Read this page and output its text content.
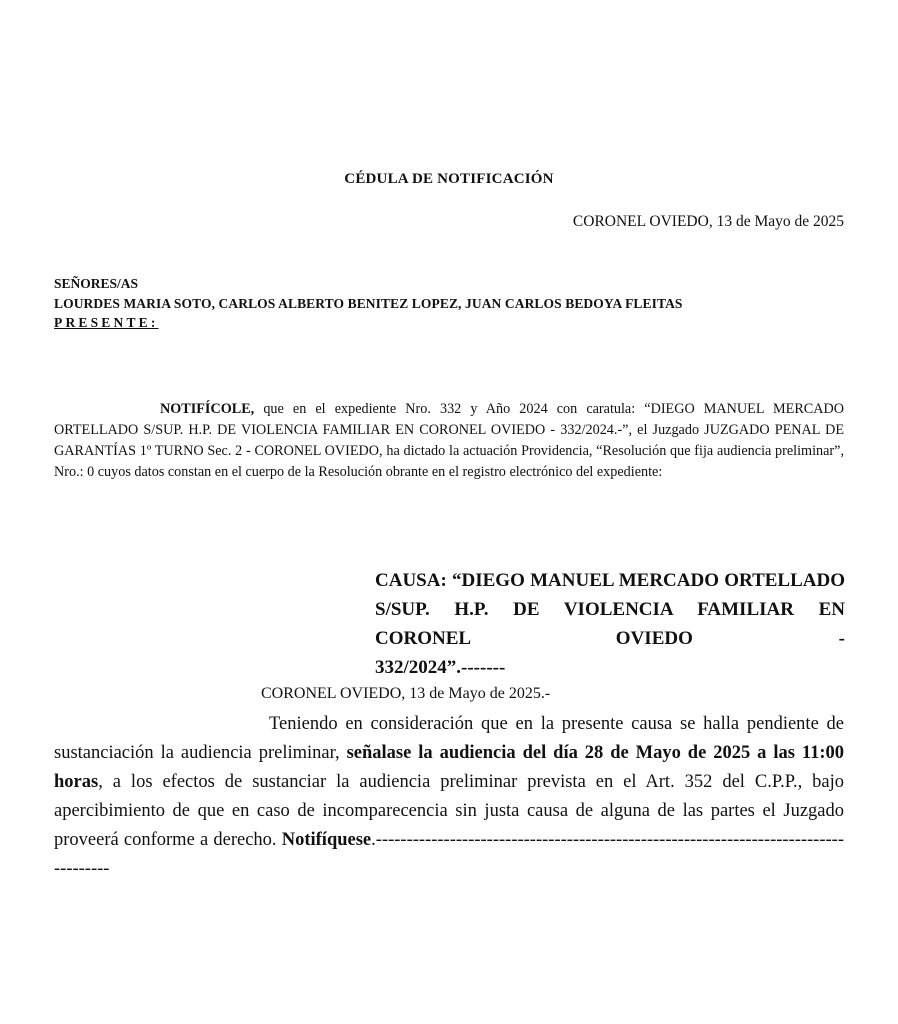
CÉDULA DE NOTIFICACIÓN
CORONEL OVIEDO, 13 de Mayo de 2025
SEÑORES/AS
LOURDES MARIA SOTO, CARLOS ALBERTO BENITEZ LOPEZ, JUAN CARLOS BEDOYA FLEITAS
PRESENTE:
NOTIFÍCOLE, que en el expediente Nro. 332 y Año 2024 con caratula: “DIEGO MANUEL MERCADO ORTELLADO S/SUP. H.P. DE VIOLENCIA FAMILIAR EN CORONEL OVIEDO - 332/2024.-”, el Juzgado JUZGADO PENAL DE GARANTÍAS 1º TURNO Sec. 2 - CORONEL OVIEDO, ha dictado la actuación Providencia, “Resolución que fija audiencia preliminar”, Nro.: 0 cuyos datos constan en el cuerpo de la Resolución obrante en el registro electrónico del expediente:
CAUSA: “DIEGO MANUEL MERCADO ORTELLADO S/SUP. H.P. DE VIOLENCIA FAMILIAR EN CORONEL OVIEDO -
332/2024”.-------
CORONEL OVIEDO, 13 de Mayo de 2025.-
Teniendo en consideración que en la presente causa se halla pendiente de sustanciación la audiencia preliminar, señalase la audiencia del día 28 de Mayo de 2025 a las 11:00 horas, a los efectos de sustanciar la audiencia preliminar prevista en el Art. 352 del C.P.P., bajo apercibimiento de que en caso de incomparecencia sin justa causa de alguna de las partes el Juzgado proveerá conforme a derecho. Notifíquese.-------------------------------------------------------------------------------------
